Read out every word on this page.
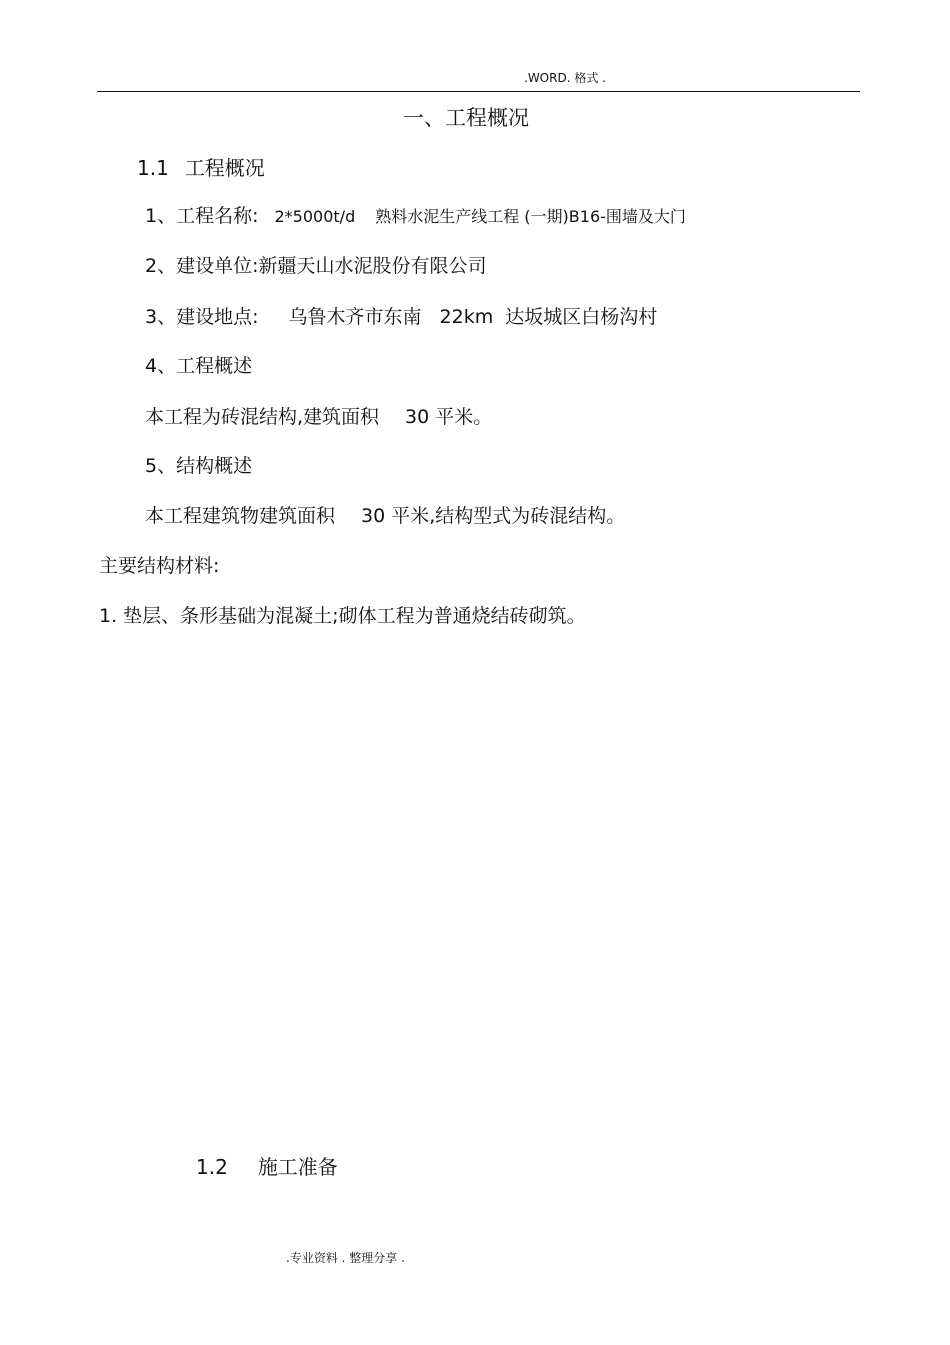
.WORD. 格式 .
一、工程概况
1.1 工程概况
1、工程名称: 2*5000t/d 熟料水泥生产线工程 (一期)B16-围墙及大门
2、建设单位:新疆天山水泥股份有限公司
3、建设地点: 乌鲁木齐市东南 22km 达坂城区白杨沟村
4、工程概述
本工程为砖混结构,建筑面积 30 平米。
5、结构概述
本工程建筑物建筑面积 30 平米,结构型式为砖混结构。
主要结构材料:
1. 垫层、条形基础为混凝土;砌体工程为普通烧结砖砌筑。
1.2 施工准备
.专业资料 . 整理分享 .
